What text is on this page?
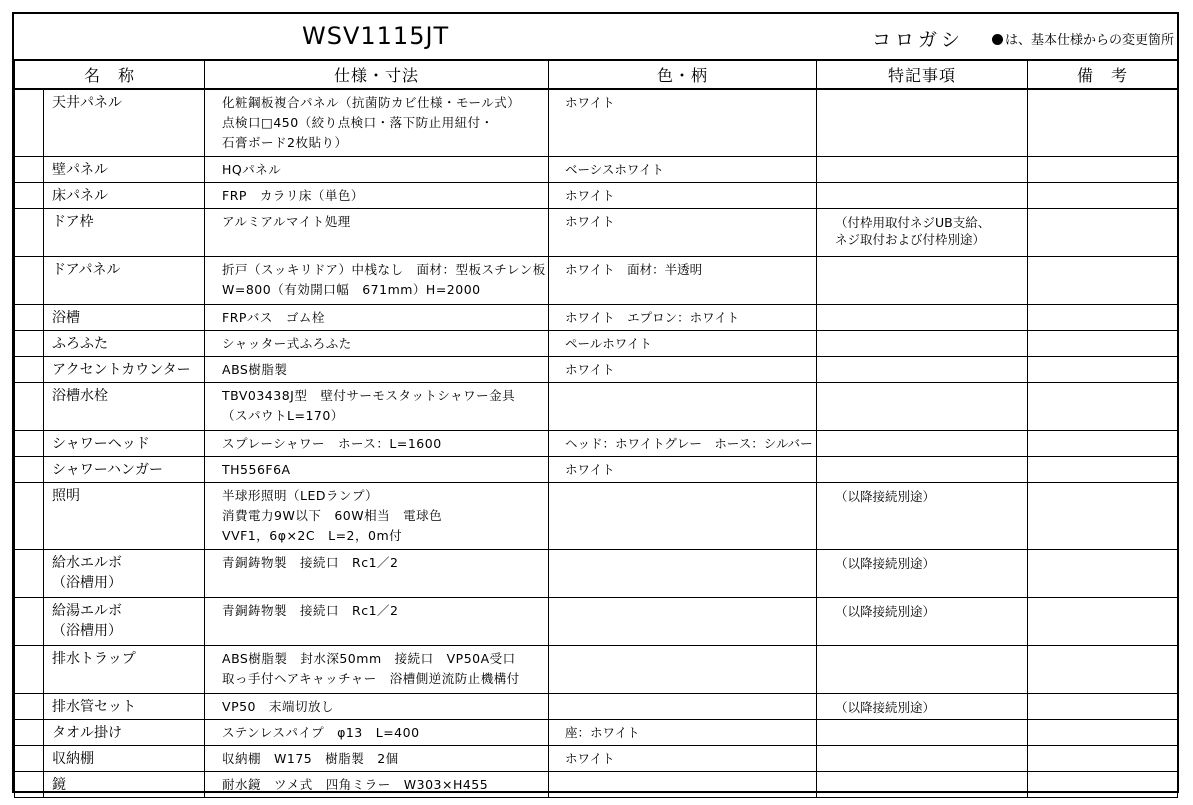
WSV1115JT	コロガシ	は、基本仕様からの変更箇所
名　称		仕様・寸法	色・柄	特記事項	備　考

	天井パネル	化粧鋼板複合パネル（抗菌防カビ仕様・モール式）
点検口□450（絞り点検口・落下防止用紐付・
石膏ボード2枚貼り）	ホワイト		

	壁パネル	HQパネル	ベーシスホワイト		

	床パネル	FRP　カラリ床（単色）	ホワイト		

	ドア枠	アルミアルマイト処理	ホワイト	（付枠用取付ネジUB支給、
ネジ取付および付枠別途）	

	ドアパネル	折戸（スッキリドア）中桟なし　面材：型板スチレン板
W=800（有効開口幅　671mm）H=2000	ホワイト　面材：半透明		

	浴槽	FRPバス　ゴム栓	ホワイト　エプロン：ホワイト		

	ふろふた	シャッター式ふろふた	ペールホワイト		

	アクセントカウンター	ABS樹脂製	ホワイト		

	浴槽水栓	TBV03438J型　壁付サーモスタットシャワー金具
（スパウトL=170）			

	シャワーヘッド	スプレーシャワー　ホース：L=1600	ヘッド：ホワイトグレー　ホース：シルバー		

	シャワーハンガー	TH556F6A	ホワイト		

	照明	半球形照明（LEDランプ）
消費電力9W以下　60W相当　電球色
VVF1，6φ×2C　L=2，0m付		（以降接続別途）	

	給水エルボ
（浴槽用）	青銅鋳物製　接続口　Rc1／2		（以降接続別途）	

	給湯エルボ
（浴槽用）	青銅鋳物製　接続口　Rc1／2		（以降接続別途）	

	排水トラップ	ABS樹脂製　封水深50mm　接続口　VP50A受口
取っ手付ヘアキャッチャー　浴槽側逆流防止機構付			

	排水管セット	VP50　末端切放し		（以降接続別途）	

	タオル掛け	ステンレスパイプ　φ13　L=400	座：ホワイト		

	収納棚	収納棚　W175　樹脂製　2個	ホワイト		

	鏡	耐水鏡　ツメ式　四角ミラー　W303×H455			
